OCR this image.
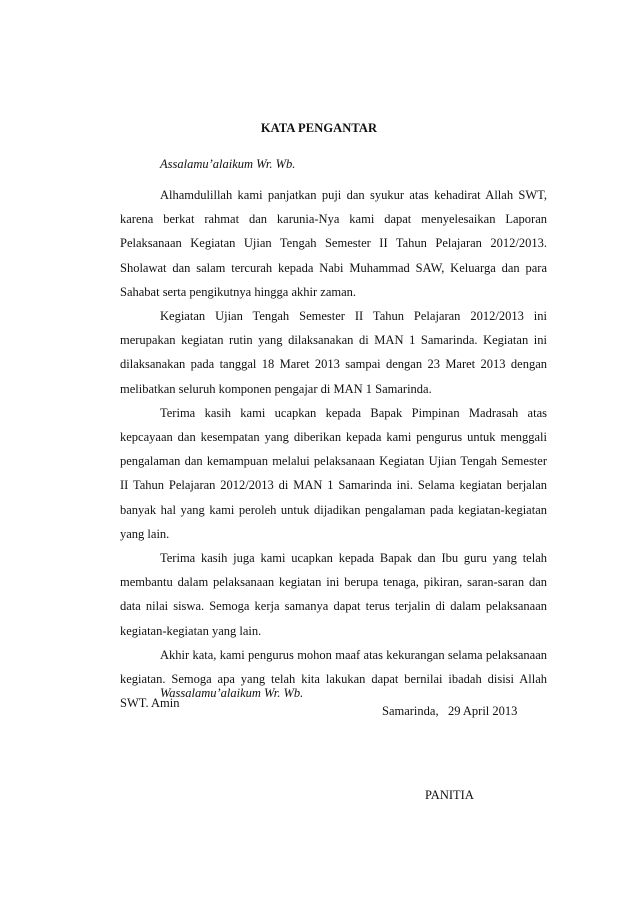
KATA PENGANTAR
Assalamu’alaikum Wr. Wb.

Alhamdulillah kami panjatkan puji dan syukur atas kehadirat Allah SWT, karena berkat rahmat dan karunia-Nya kami dapat menyelesaikan Laporan Pelaksanaan Kegiatan Ujian Tengah Semester II Tahun Pelajaran 2012/2013. Sholawat dan salam tercurah kepada Nabi Muhammad SAW, Keluarga dan para Sahabat serta pengikutnya hingga akhir zaman.

Kegiatan Ujian Tengah Semester II Tahun Pelajaran 2012/2013 ini merupakan kegiatan rutin yang dilaksanakan di MAN 1 Samarinda. Kegiatan ini dilaksanakan pada tanggal 18 Maret 2013 sampai dengan 23 Maret 2013 dengan melibatkan seluruh komponen pengajar di MAN 1 Samarinda.

Terima kasih kami ucapkan kepada Bapak Pimpinan Madrasah atas kepcayaan dan kesempatan yang diberikan kepada kami pengurus untuk menggali pengalaman dan kemampuan melalui pelaksanaan Kegiatan Ujian Tengah Semester II Tahun Pelajaran 2012/2013 di MAN 1 Samarinda ini. Selama kegiatan berjalan banyak hal yang kami peroleh untuk dijadikan pengalaman pada kegiatan-kegiatan yang lain.

Terima kasih juga kami ucapkan kepada Bapak dan Ibu guru yang telah membantu dalam pelaksanaan kegiatan ini berupa tenaga, pikiran, saran-saran dan data nilai siswa. Semoga kerja samanya dapat terus terjalin di dalam pelaksanaan kegiatan-kegiatan yang lain.

Akhir kata, kami pengurus mohon maaf atas kekurangan selama pelaksanaan kegiatan. Semoga apa yang telah kita lakukan dapat bernilai ibadah disisi Allah SWT. Amin

Wassalamu’alaikum Wr. Wb.
Samarinda,   29 April 2013
PANITIA
